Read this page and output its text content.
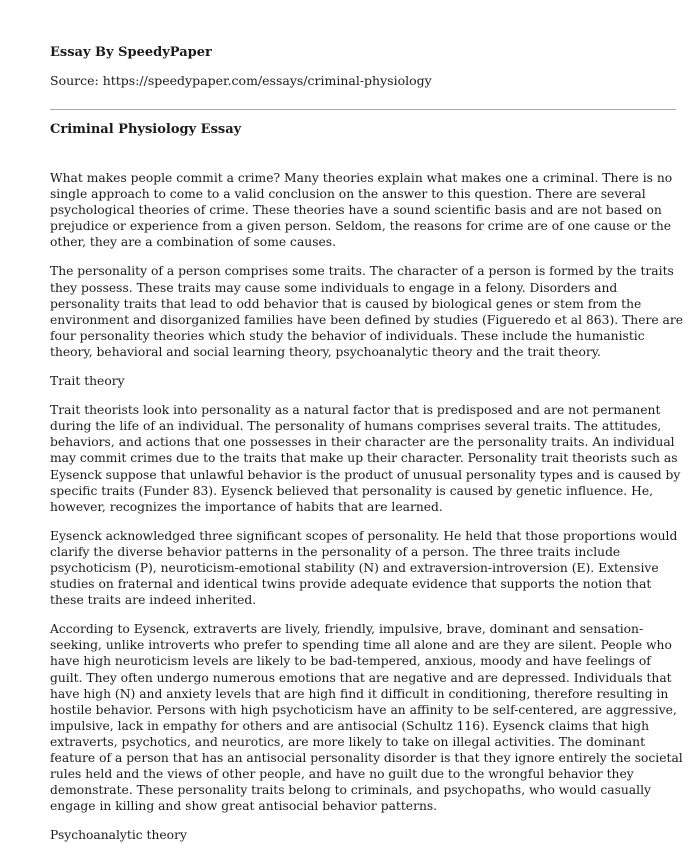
Essay By SpeedyPaper

Source: https://speedypaper.com/essays/criminal-physiology

Criminal Physiology Essay

What makes people commit a crime? Many theories explain what makes one a criminal. There is no single approach to come to a valid conclusion on the answer to this question. There are several psychological theories of crime. These theories have a sound scientific basis and are not based on prejudice or experience from a given person. Seldom, the reasons for crime are of one cause or the other, they are a combination of some causes.

The personality of a person comprises some traits. The character of a person is formed by the traits they possess. These traits may cause some individuals to engage in a felony. Disorders and personality traits that lead to odd behavior that is caused by biological genes or stem from the environment and disorganized families have been defined by studies (Figueredo et al 863). There are four personality theories which study the behavior of individuals. These include the humanistic theory, behavioral and social learning theory, psychoanalytic theory and the trait theory.

Trait theory

Trait theorists look into personality as a natural factor that is predisposed and are not permanent during the life of an individual. The personality of humans comprises several traits. The attitudes, behaviors, and actions that one possesses in their character are the personality traits. An individual may commit crimes due to the traits that make up their character. Personality trait theorists such as Eysenck suppose that unlawful behavior is the product of unusual personality types and is caused by specific traits (Funder 83). Eysenck believed that personality is caused by genetic influence. He, however, recognizes the importance of habits that are learned.

Eysenck acknowledged three significant scopes of personality. He held that those proportions would clarify the diverse behavior patterns in the personality of a person. The three traits include psychoticism (P), neuroticism-emotional stability (N) and extraversion-introversion (E). Extensive studies on fraternal and identical twins provide adequate evidence that supports the notion that these traits are indeed inherited.

According to Eysenck, extraverts are lively, friendly, impulsive, brave, dominant and sensation-seeking, unlike introverts who prefer to spending time all alone and are they are silent. People who have high neuroticism levels are likely to be bad-tempered, anxious, moody and have feelings of guilt. They often undergo numerous emotions that are negative and are depressed. Individuals that have high (N) and anxiety levels that are high find it difficult in conditioning, therefore resulting in hostile behavior. Persons with high psychoticism have an affinity to be self-centered, are aggressive, impulsive, lack in empathy for others and are antisocial (Schultz 116). Eysenck claims that high extraverts, psychotics, and neurotics, are more likely to take on illegal activities. The dominant feature of a person that has an antisocial personality disorder is that they ignore entirely the societal rules held and the views of other people, and have no guilt due to the wrongful behavior they demonstrate. These personality traits belong to criminals, and psychopaths, who would casually engage in killing and show great antisocial behavior patterns.

Psychoanalytic theory
